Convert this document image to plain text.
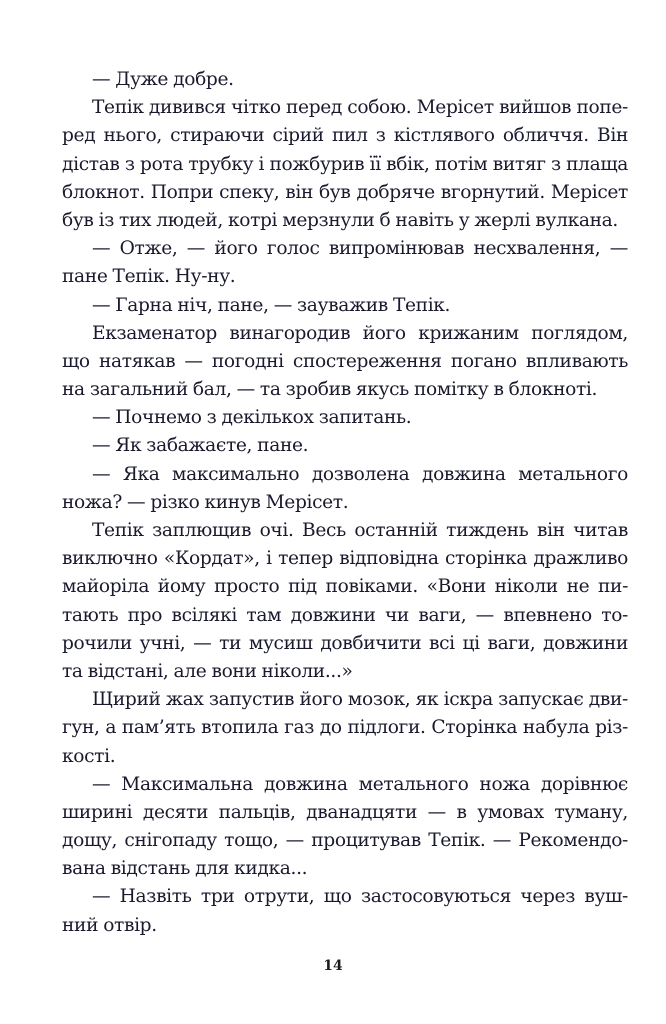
— Дуже добре.
Тепік дивився чітко перед собою. Мерісет вийшов попе-
ред нього, стираючи сірий пил з кістлявого обличчя. Він
дістав з рота трубку і пожбурив її вбік, потім витяг з плаща
блокнот. Попри спеку, він був добряче вгорнутий. Мерісет
був із тих людей, котрі мерзнули б навіть у жерлі вулкана.
— Отже, — його голос випромінював несхвалення, —
пане Тепік. Ну-ну.
— Гарна ніч, пане, — зауважив Тепік.
Екзаменатор винагородив його крижаним поглядом,
що натякав — погодні спостереження погано впливають
на загальний бал, — та зробив якусь помітку в блокноті.
— Почнемо з декількох запитань.
— Як забажаєте, пане.
— Яка максимально дозволена довжина метального
ножа? — різко кинув Мерісет.
Тепік заплющив очі. Весь останній тиждень він читав
виключно «Кордат», і тепер відповідна сторінка дражливо
майоріла йому просто під повіками. «Вони ніколи не пи-
тають про всілякі там довжини чи ваги, — впевнено то-
рочили учні, — ти мусиш довбичити всі ці ваги, довжини
та відстані, але вони ніколи...»
Щирий жах запустив його мозок, як іскра запускає дви-
гун, а пам’ять втопила газ до підлоги. Сторінка набула різ-
кості.
— Максимальна довжина метального ножа дорівнює
ширині десяти пальців, дванадцяти — в умовах туману,
дощу, снігопаду тощо, — процитував Тепік. — Рекомендо-
вана відстань для кидка...
— Назвіть три отрути, що застосовуються через вуш-
ний отвір.
14
